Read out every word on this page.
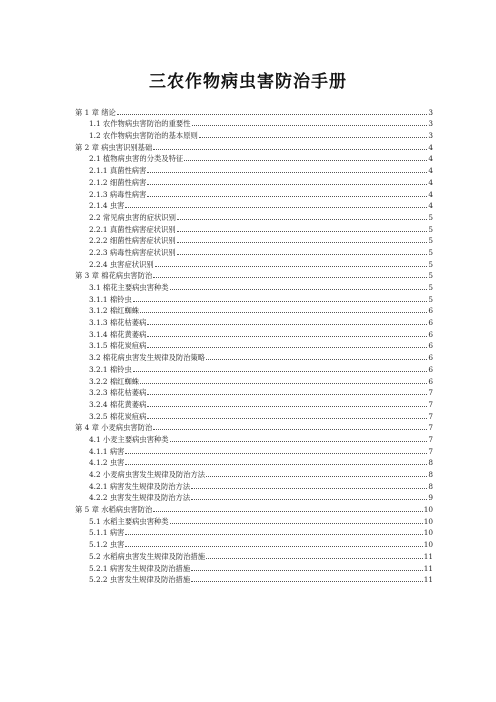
三农作物病虫害防治手册
第 1 章 绪论	3
1.1 农作物病虫害防治的重要性	3
1.2 农作物病虫害防治的基本原则	3
第 2 章 病虫害识别基础	4
2.1 植物病虫害的分类及特征	4
2.1.1 真菌性病害	4
2.1.2 细菌性病害	4
2.1.3 病毒性病害	4
2.1.4 虫害	4
2.2 常见病虫害的症状识别	5
2.2.1 真菌性病害症状识别	5
2.2.2 细菌性病害症状识别	5
2.2.3 病毒性病害症状识别	5
2.2.4 虫害症状识别	5
第 3 章 棉花病虫害防治	5
3.1 棉花主要病虫害种类	5
3.1.1 棉铃虫	5
3.1.2 棉红蜘蛛	6
3.1.3 棉花枯萎病	6
3.1.4 棉花黄萎病	6
3.1.5 棉花炭疽病	6
3.2 棉花病虫害发生规律及防治策略	6
3.2.1 棉铃虫	6
3.2.2 棉红蜘蛛	6
3.2.3 棉花枯萎病	7
3.2.4 棉花黄萎病	7
3.2.5 棉花炭疽病	7
第 4 章 小麦病虫害防治	7
4.1 小麦主要病虫害种类	7
4.1.1 病害	7
4.1.2 虫害	8
4.2 小麦病虫害发生规律及防治方法	8
4.2.1 病害发生规律及防治方法	8
4.2.2 虫害发生规律及防治方法	9
第 5 章 水稻病虫害防治	10
5.1 水稻主要病虫害种类	10
5.1.1 病害	10
5.1.2 虫害	10
5.2 水稻病虫害发生规律及防治措施	11
5.2.1 病害发生规律及防治措施	11
5.2.2 虫害发生规律及防治措施	11
